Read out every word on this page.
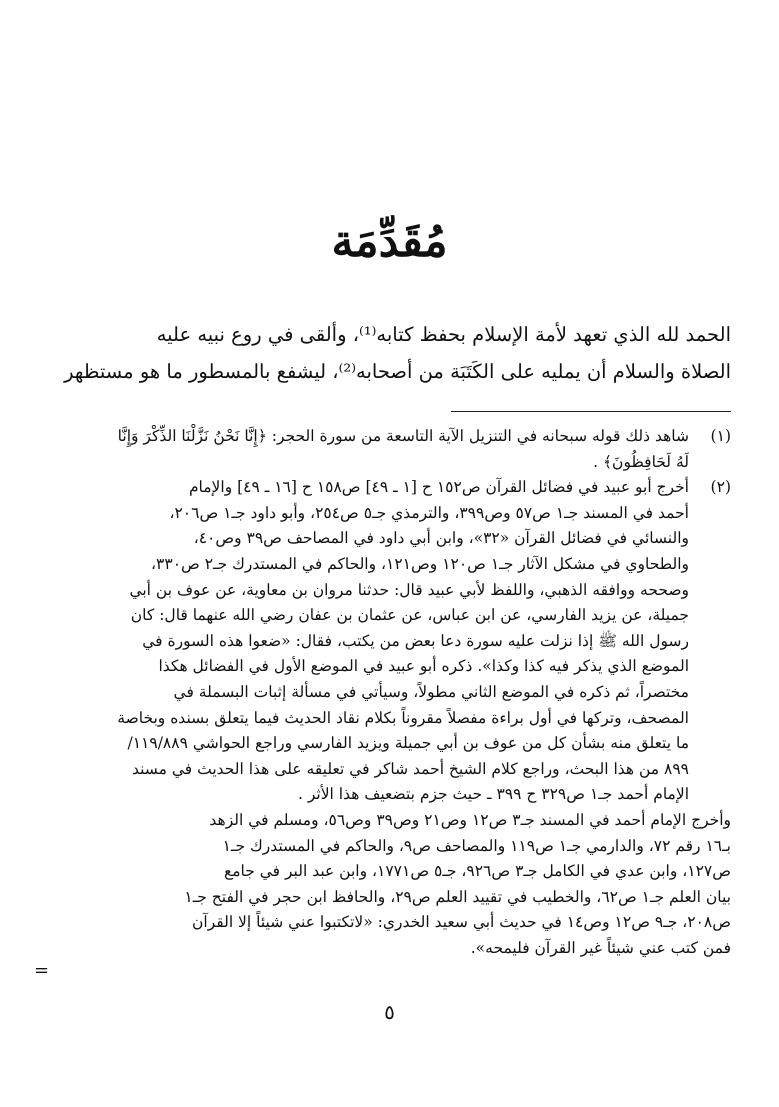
مُقَدِّمَة

الحمد لله الذي تعهد لأمة الإسلام بحفظ كتابه⁽¹⁾، وألقى في روع نبيه عليه

الصلاة والسلام أن يمليه على الكَتَبَة من أصحابه⁽²⁾، ليشفع بالمسطور ما هو مستظهر

(١)
شاهد ذلك قوله سبحانه في التنزيل الآية التاسعة من سورة الحجر: ﴿إِنَّا نَحْنُ نَزَّلْنَا الذِّكْرَ وَإِنَّا
لَهُ لَحَافِظُونَ﴾ .
(٢)
أخرج أبو عبيد في فضائل القرآن ص١٥٢ ح [١ ـ ٤٩] ص١٥٨ ح [١٦ ـ ٤٩] والإمام
أحمد في المسند جـ١ ص٥٧ وص٣٩٩، والترمذي جـ٥ ص٢٥٤، وأبو داود جـ١ ص٢٠٦،
والنسائي في فضائل القرآن «٣٢»، وابن أبي داود في المصاحف ص٣٩ وص٤٠،
والطحاوي في مشكل الآثار جـ١ ص١٢٠ وص١٢١، والحاكم في المستدرك جـ٢ ص٣٣٠،
وصححه ووافقه الذهبي، واللفظ لأبي عبيد قال: حدثنا مروان بن معاوية، عن عوف بن أبي
جميلة، عن يزيد الفارسي، عن ابن عباس، عن عثمان بن عفان رضي الله عنهما قال: كان
رسول الله ﷺ إذا نزلت عليه سورة دعا بعض من يكتب، فقال: «ضعوا هذه السورة في
الموضع الذي يذكر فيه كذا وكذا». ذكره أبو عبيد في الموضع الأول في الفضائل هكذا
مختصراً، ثم ذكره في الموضع الثاني مطولاً، وسيأتي في مسألة إثبات البسملة في
المصحف، وتركها في أول براءة مفصلاً مقروناً بكلام نقاد الحديث فيما يتعلق بسنده وبخاصة
ما يتعلق منه بشأن كل من عوف بن أبي جميلة ويزيد الفارسي وراجع الحواشي ١١٩/٨٨٩/
٨٩٩ من هذا البحث، وراجع كلام الشيخ أحمد شاكر في تعليقه على هذا الحديث في مسند
الإمام أحمد جـ١ ص٣٢٩ ح ٣٩٩ ـ حيث جزم بتضعيف هذا الأثر .
وأخرج الإمام أحمد في المسند جـ٣ ص١٢ وص٢١ وص٣٩ وص٥٦، ومسلم في الزهد
بـ١٦ رقم ٧٢، والدارمي جـ١ ص١١٩ والمصاحف ص٩، والحاكم في المستدرك جـ١
ص١٢٧، وابن عدي في الكامل جـ٣ ص٩٢٦، جـ٥ ص١٧٧١، وابن عبد البر في جامع
بيان العلم جـ١ ص٦٢، والخطيب في تقييد العلم ص٢٩، والحافظ ابن حجر في الفتح جـ١
ص٢٠٨، جـ٩ ص١٢ وص١٤ في حديث أبي سعيد الخدري: «لاتكتبوا عني شيئاً إلا القرآن
فمن كتب عني شيئاً غير القرآن فليمحه».
=
٥
